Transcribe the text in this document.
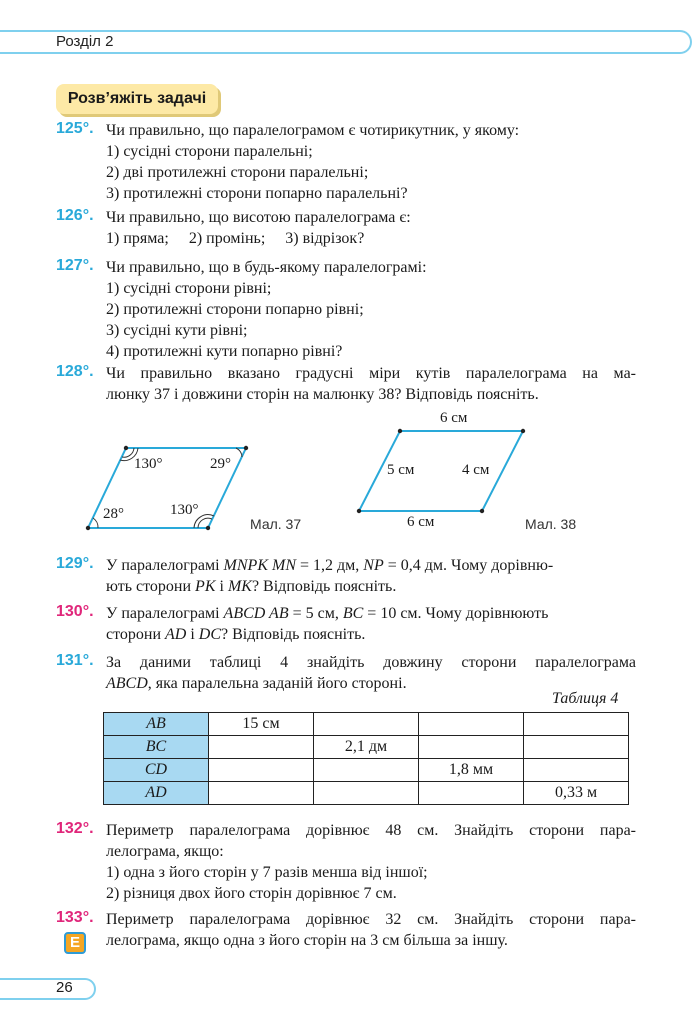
Розділ 2
Розв’яжіть задачі
125°. Чи правильно, що паралелограмом є чотирикутник, у якому:
1) сусідні сторони паралельні;
2) дві протилежні сторони паралельні;
3) протилежні сторони попарно паралельні?
126°. Чи правильно, що висотою паралелограма є:
1) пряма;     2) промінь;     3) відрізок?
127°. Чи правильно, що в будь-якому паралелограмі:
1) сусідні сторони рівні;
2) протилежні сторони попарно рівні;
3) сусідні кути рівні;
4) протилежні кути попарно рівні?
128°. Чи правильно вказано градусні міри кутів паралелограма на ма-
люнку 37 і довжини сторін на малюнку 38? Відповідь поясніть.
130°	29°
28°	130°
Мал. 37
6 см
5 см	4 см
6 см	Мал. 38
129°. У паралелограмі MNPK MN = 1,2 дм, NP = 0,4 дм. Чому дорівню-
ють сторони PK і MK? Відповідь поясніть.
130°. У паралелограмі ABCD AB = 5 см, BC = 10 см. Чому дорівнюють
сторони AD і DC? Відповідь поясніть.
131°. За даними таблиці 4 знайдіть довжину сторони паралелограма
ABCD, яка паралельна заданій його стороні.
Таблиця 4
AB	15 см			
BC		2,1 дм		
CD			1,8 мм	
AD				0,33 м
132°. Периметр паралелограма дорівнює 48 см. Знайдіть сторони пара-
лелограма, якщо:
1) одна з його сторін у 7 разів менша від іншої;
2) різниця двох його сторін дорівнює 7 см.
133°. Периметр паралелограма дорівнює 32 см. Знайдіть сторони пара-
лелограма, якщо одна з його сторін на 3 см більша за іншу.
E
26
